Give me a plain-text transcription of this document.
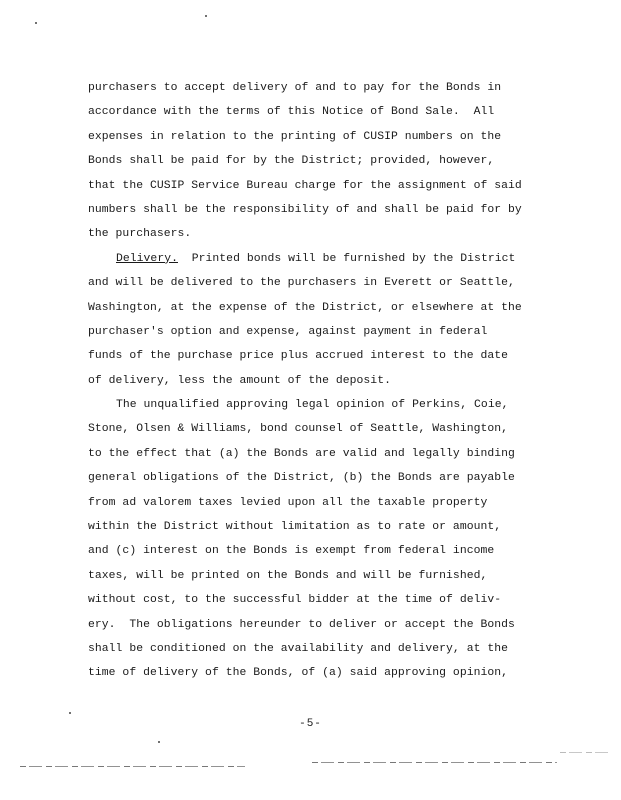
purchasers to accept delivery of and to pay for the Bonds in
accordance with the terms of this Notice of Bond Sale.  All
expenses in relation to the printing of CUSIP numbers on the
Bonds shall be paid for by the District; provided, however,
that the CUSIP Service Bureau charge for the assignment of said
numbers shall be the responsibility of and shall be paid for by
the purchasers.
Delivery.  Printed bonds will be furnished by the District
and will be delivered to the purchasers in Everett or Seattle,
Washington, at the expense of the District, or elsewhere at the
purchaser's option and expense, against payment in federal
funds of the purchase price plus accrued interest to the date
of delivery, less the amount of the deposit.
The unqualified approving legal opinion of Perkins, Coie,
Stone, Olsen & Williams, bond counsel of Seattle, Washington,
to the effect that (a) the Bonds are valid and legally binding
general obligations of the District, (b) the Bonds are payable
from ad valorem taxes levied upon all the taxable property
within the District without limitation as to rate or amount,
and (c) interest on the Bonds is exempt from federal income
taxes, will be printed on the Bonds and will be furnished,
without cost, to the successful bidder at the time of deliv-
ery.  The obligations hereunder to deliver or accept the Bonds
shall be conditioned on the availability and delivery, at the
time of delivery of the Bonds, of (a) said approving opinion,
-5-
